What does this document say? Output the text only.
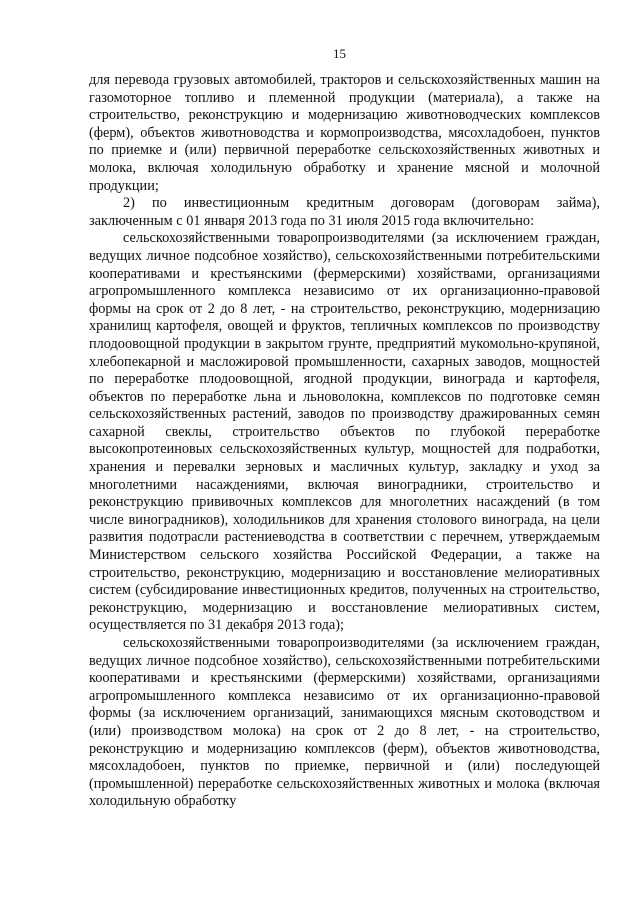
15

для перевода грузовых автомобилей, тракторов и сельскохозяйственных машин на газомоторное топливо и племенной продукции (материала), а также на строительство, реконструкцию и модернизацию животноводческих комплексов (ферм), объектов животноводства и кормопроизводства, мясохладобоен, пунктов по приемке и (или) первичной переработке сельскохозяйственных животных и молока, включая холодильную обработку и хранение мясной и молочной продукции;

2) по инвестиционным кредитным договорам (договорам займа), заключенным с 01 января 2013 года по 31 июля 2015 года включительно:

сельскохозяйственными товаропроизводителями (за исключением граждан, ведущих личное подсобное хозяйство), сельскохозяйственными потребительскими кооперативами и крестьянскими (фермерскими) хозяйствами, организациями агропромышленного комплекса независимо от их организационно-правовой формы на срок от 2 до 8 лет, - на строительство, реконструкцию, модернизацию хранилищ картофеля, овощей и фруктов, тепличных комплексов по производству плодоовощной продукции в закрытом грунте, предприятий мукомольно-крупяной, хлебопекарной и масложировой промышленности, сахарных заводов, мощностей по переработке плодоовощной, ягодной продукции, винограда и картофеля, объектов по переработке льна и льноволокна, комплексов по подготовке семян сельскохозяйственных растений, заводов по производству дражированных семян сахарной свеклы, строительство объектов по глубокой переработке высокопротеиновых сельскохозяйственных культур, мощностей для подработки, хранения и перевалки зерновых и масличных культур, закладку и уход за многолетними насаждениями, включая виноградники, строительство и реконструкцию прививочных комплексов для многолетних насаждений (в том числе виноградников), холодильников для хранения столового винограда, на цели развития подотрасли растениеводства в соответствии с перечнем, утверждаемым Министерством сельского хозяйства Российской Федерации, а также на строительство, реконструкцию, модернизацию и восстановление мелиоративных систем (субсидирование инвестиционных кредитов, полученных на строительство, реконструкцию, модернизацию и восстановление мелиоративных систем, осуществляется по 31 декабря 2013 года);

сельскохозяйственными товаропроизводителями (за исключением граждан, ведущих личное подсобное хозяйство), сельскохозяйственными потребительскими кооперативами и крестьянскими (фермерскими) хозяйствами, организациями агропромышленного комплекса независимо от их организационно-правовой формы (за исключением организаций, занимающихся мясным скотоводством и (или) производством молока) на срок от 2 до 8 лет, - на строительство, реконструкцию и модернизацию комплексов (ферм), объектов животноводства, мясохладобоен, пунктов по приемке, первичной и (или) последующей (промышленной) переработке сельскохозяйственных животных и молока (включая холодильную обработку
